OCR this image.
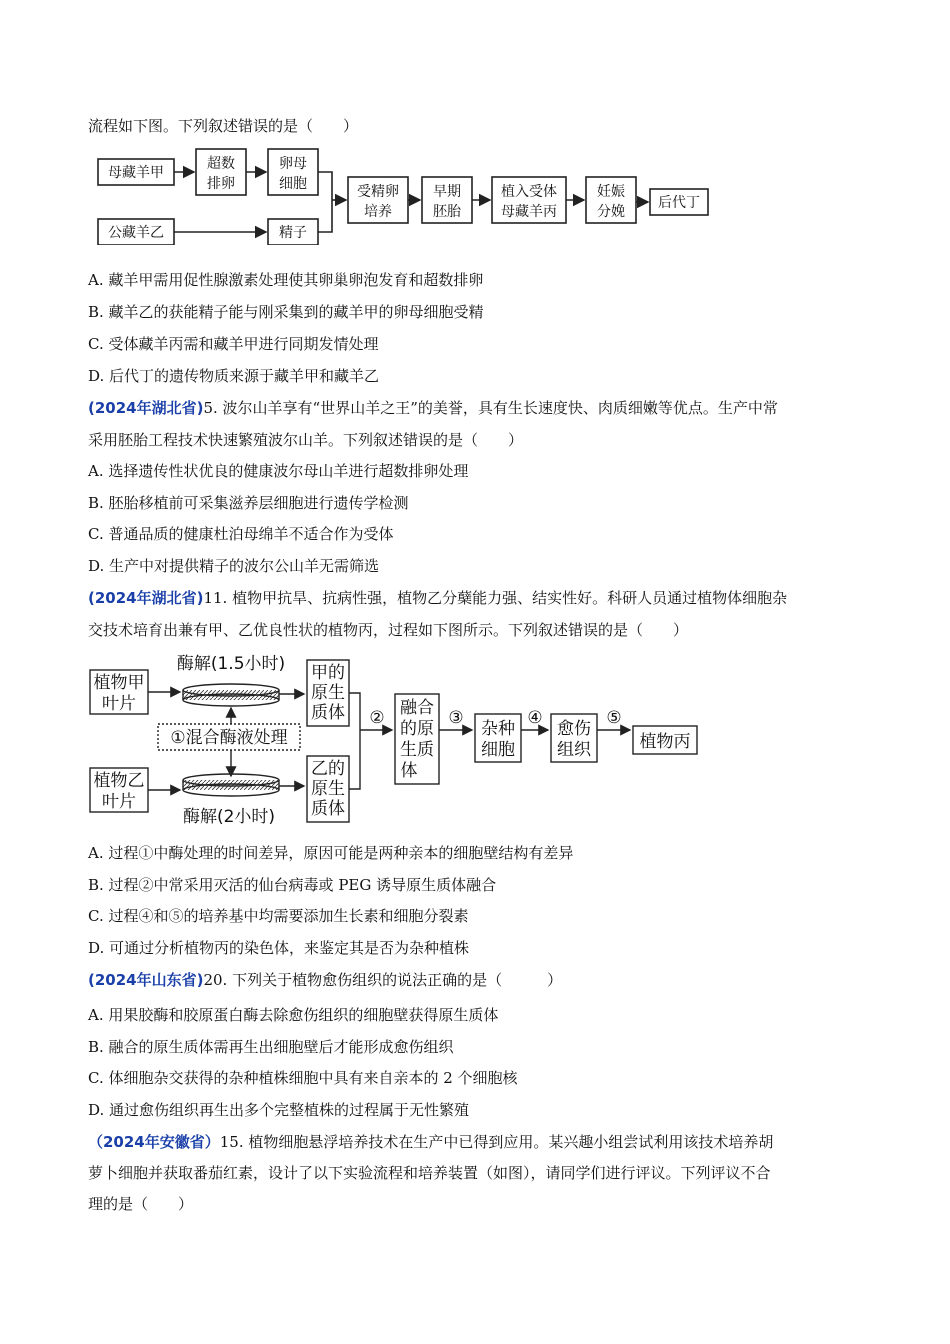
流程如下图。下列叙述错误的是（　　）
母藏羊甲
公藏羊乙
超数
排卵
卵母
细胞
精子
受精卵
培养
早期
胚胎
植入受体
母藏羊丙
妊娠
分娩
后代丁
A. 藏羊甲需用促性腺激素处理使其卵巢卵泡发育和超数排卵
B. 藏羊乙的获能精子能与刚采集到的藏羊甲的卵母细胞受精
C. 受体藏羊丙需和藏羊甲进行同期发情处理
D. 后代丁的遗传物质来源于藏羊甲和藏羊乙
(2024年湖北省)5. 波尔山羊享有“世界山羊之王”的美誉，具有生长速度快、肉质细嫩等优点。生产中常
采用胚胎工程技术快速繁殖波尔山羊。下列叙述错误的是（　　）
A. 选择遗传性状优良的健康波尔母山羊进行超数排卵处理
B. 胚胎移植前可采集滋养层细胞进行遗传学检测
C. 普通品质的健康杜泊母绵羊不适合作为受体
D. 生产中对提供精子的波尔公山羊无需筛选
(2024年湖北省)11. 植物甲抗旱、抗病性强，植物乙分蘖能力强、结实性好。科研人员通过植物体细胞杂
交技术培育出兼有甲、乙优良性状的植物丙，过程如下图所示。下列叙述错误的是（　　）
植物甲
叶片
植物乙
叶片
酶解(1.5小时)
酶解(2小时)
①混合酶液处理
甲的
原生
质体
乙的
原生
质体
② 融合
的原
生质
体
③
杂种
细胞
④
愈伤
组织
⑤
植物丙
A. 过程①中酶处理的时间差异，原因可能是两种亲本的细胞壁结构有差异
B. 过程②中常采用灭活的仙台病毒或 PEG 诱导原生质体融合
C. 过程④和⑤的培养基中均需要添加生长素和细胞分裂素
D. 可通过分析植物丙的染色体，来鉴定其是否为杂种植株
(2024年山东省)20. 下列关于植物愈伤组织的说法正确的是（　　　）
A. 用果胶酶和胶原蛋白酶去除愈伤组织的细胞壁获得原生质体
B. 融合的原生质体需再生出细胞壁后才能形成愈伤组织
C. 体细胞杂交获得的杂种植株细胞中具有来自亲本的 2 个细胞核
D. 通过愈伤组织再生出多个完整植株的过程属于无性繁殖
（2024年安徽省）15. 植物细胞悬浮培养技术在生产中已得到应用。某兴趣小组尝试利用该技术培养胡
萝卜细胞并获取番茄红素，设计了以下实验流程和培养装置（如图），请同学们进行评议。下列评议不合
理的是（　　）
